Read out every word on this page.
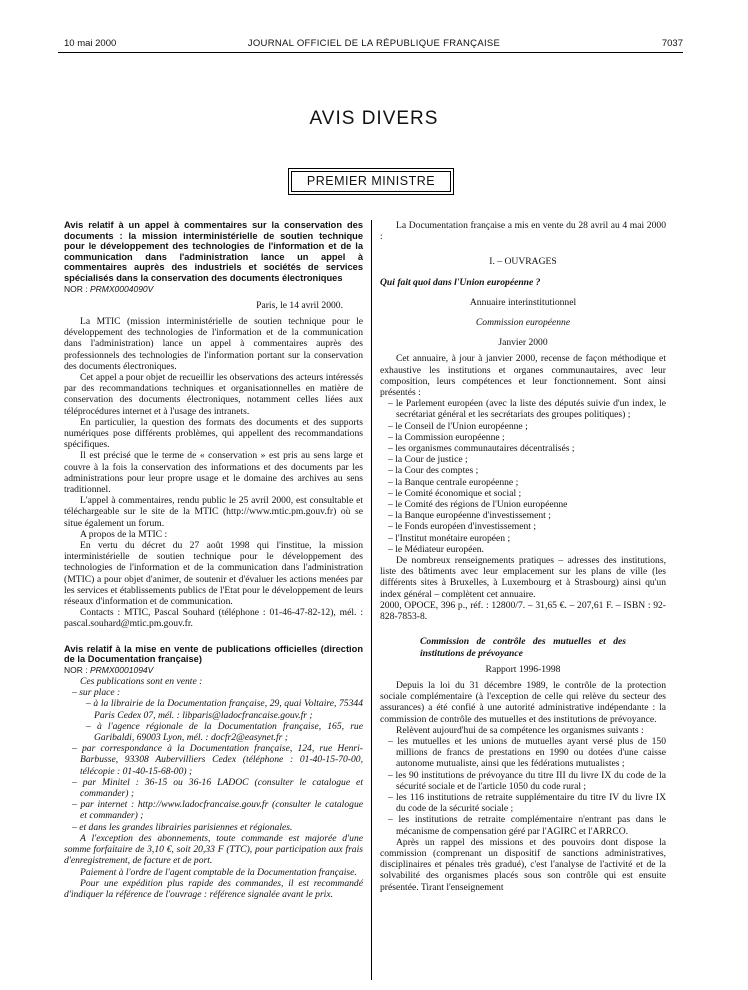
10 mai 2000	JOURNAL OFFICIEL DE LA RÉPUBLIQUE FRANÇAISE	7037
AVIS DIVERS
PREMIER MINISTRE

Avis relatif à un appel à commentaires sur la conservation des documents : la mission interministérielle de soutien technique pour le développement des technologies de l'information et de la communication dans l'administration lance un appel à commentaires auprès des industriels et sociétés de services spécialisés dans la conservation des documents électroniques

NOR : PRMX0004090V

Paris, le 14 avril 2000.

La MTIC (mission interministérielle de soutien technique pour le développement des technologies de l'information et de la communication dans l'administration) lance un appel à commentaires auprès des professionnels des technologies de l'information portant sur la conservation des documents électroniques.

Cet appel a pour objet de recueillir les observations des acteurs intéressés par des recommandations techniques et organisationnelles en matière de conservation des documents électroniques, notamment celles liées aux téléprocédures internet et à l'usage des intranets.

En particulier, la question des formats des documents et des supports numériques pose différents problèmes, qui appellent des recommandations spécifiques.

Il est précisé que le terme de « conservation » est pris au sens large et couvre à la fois la conservation des informations et des documents par les administrations pour leur propre usage et le domaine des archives au sens traditionnel.

L'appel à commentaires, rendu public le 25 avril 2000, est consultable et téléchargeable sur le site de la MTIC (http://www.mtic.pm.gouv.fr) où se situe également un forum.

A propos de la MTIC :

En vertu du décret du 27 août 1998 qui l'institue, la mission interministérielle de soutien technique pour le développement des technologies de l'information et de la communication dans l'administration (MTIC) a pour objet d'animer, de soutenir et d'évaluer les actions menées par les services et établissements publics de l'Etat pour le développement de leurs réseaux d'information et de communication.

Contacts : MTIC, Pascal Souhard (téléphone : 01-46-47-82-12), mél. : pascal.souhard@mtic.pm.gouv.fr.

Avis relatif à la mise en vente de publications officielles (direction de la Documentation française)

NOR : PRMX0001094V

Ces publications sont en vente :

– sur place :
– à la librairie de la Documentation française, 29, quai Voltaire, 75344 Paris Cedex 07, mél. : libparis@ladocfrancaise.gouv.fr ;
– à l'agence régionale de la Documentation française, 165, rue Garibaldi, 69003 Lyon, mél. : docfr2@easynet.fr ;
– par correspondance à la Documentation française, 124, rue Henri-Barbusse, 93308 Aubervilliers Cedex (téléphone : 01-40-15-70-00, télécopie : 01-40-15-68-00) ;
– par Minitel : 36-15 ou 36-16 LADOC (consulter le catalogue et commander) ;
– par internet : http://www.ladocfrancaise.gouv.fr (consulter le catalogue et commander) ;
– et dans les grandes librairies parisiennes et régionales.

A l'exception des abonnements, toute commande est majorée d'une somme forfaitaire de 3,10 €, soit 20,33 F (TTC), pour participation aux frais d'enregistrement, de facture et de port.

Paiement à l'ordre de l'agent comptable de la Documentation française.

Pour une expédition plus rapide des commandes, il est recommandé d'indiquer la référence de l'ouvrage : référence signalée avant le prix.

La Documentation française a mis en vente du 28 avril au 4 mai 2000 :

I. – OUVRAGES

Qui fait quoi dans l'Union européenne ?

Annuaire interinstitutionnel

Commission européenne

Janvier 2000

Cet annuaire, à jour à janvier 2000, recense de façon méthodique et exhaustive les institutions et organes communautaires, avec leur composition, leurs compétences et leur fonctionnement. Sont ainsi présentés :

– le Parlement européen (avec la liste des députés suivie d'un index, le secrétariat général et les secrétariats des groupes politiques) ;
– le Conseil de l'Union européenne ;
– la Commission européenne ;
– les organismes communautaires décentralisés ;
– la Cour de justice ;
– la Cour des comptes ;
– la Banque centrale européenne ;
– le Comité économique et social ;
– le Comité des régions de l'Union européenne
– la Banque européenne d'investissement ;
– le Fonds européen d'investissement ;
– l'Institut monétaire européen ;
– le Médiateur européen.

De nombreux renseignements pratiques – adresses des institutions, liste des bâtiments avec leur emplacement sur les plans de ville (les différents sites à Bruxelles, à Luxembourg et à Strasbourg) ainsi qu'un index général – complètent cet annuaire.

2000, OPOCE, 396 p., réf. : 12800/7. – 31,65 €. – 207,61 F. – ISBN : 92-828-7853-8.

Commission de contrôle des mutuelles et des institutions de prévoyance

Rapport 1996-1998

Depuis la loi du 31 décembre 1989, le contrôle de la protection sociale complémentaire (à l'exception de celle qui relève du secteur des assurances) a été confié à une autorité administrative indépendante : la commission de contrôle des mutuelles et des institutions de prévoyance.

Relèvent aujourd'hui de sa compétence les organismes suivants :

– les mutuelles et les unions de mutuelles ayant versé plus de 150 millions de francs de prestations en 1990 ou dotées d'une caisse autonome mutualiste, ainsi que les fédérations mutualistes ;
– les 90 institutions de prévoyance du titre III du livre IX du code de la sécurité sociale et de l'article 1050 du code rural ;
– les 116 institutions de retraite supplémentaire du titre IV du livre IX du code de la sécurité sociale ;
– les institutions de retraite complémentaire n'entrant pas dans le mécanisme de compensation géré par l'AGIRC et l'ARRCO.

Après un rappel des missions et des pouvoirs dont dispose la commission (comprenant un dispositif de sanctions administratives, disciplinaires et pénales très gradué), c'est l'analyse de l'activité et de la solvabilité des organismes placés sous son contrôle qui est ensuite présentée. Tirant l'enseignement
